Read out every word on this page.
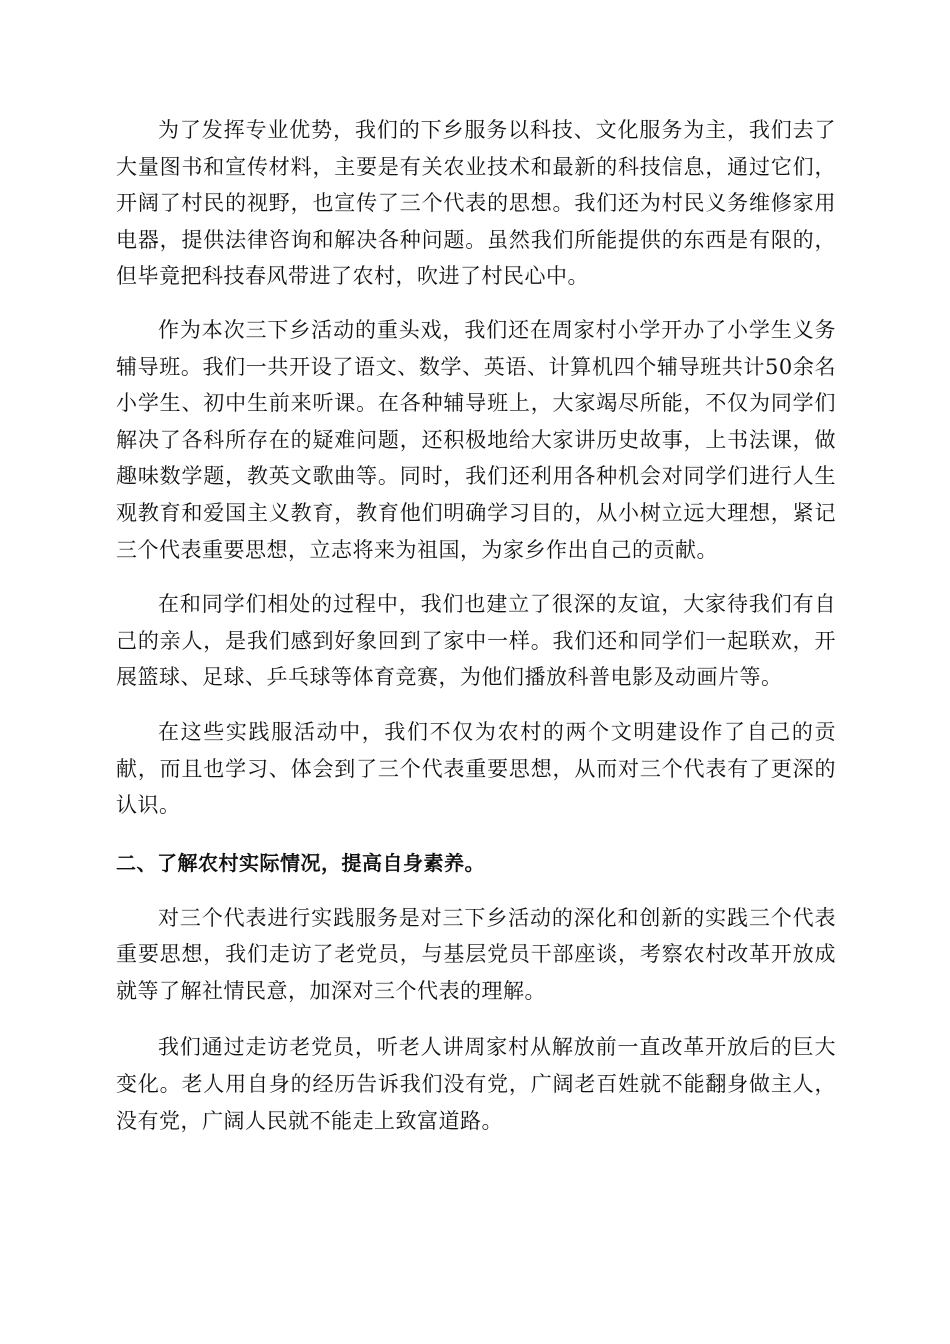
为了发挥专业优势，我们的下乡服务以科技、文化服务为主，我们去了大量图书和宣传材料，主要是有关农业技术和最新的科技信息，通过它们，开阔了村民的视野，也宣传了三个代表的思想。我们还为村民义务维修家用电器，提供法律咨询和解决各种问题。虽然我们所能提供的东西是有限的，但毕竟把科技春风带进了农村，吹进了村民心中。

作为本次三下乡活动的重头戏，我们还在周家村小学开办了小学生义务辅导班。我们一共开设了语文、数学、英语、计算机四个辅导班共计50余名小学生、初中生前来听课。在各种辅导班上，大家竭尽所能，不仅为同学们解决了各科所存在的疑难问题，还积极地给大家讲历史故事，上书法课，做趣味数学题，教英文歌曲等。同时，我们还利用各种机会对同学们进行人生观教育和爱国主义教育，教育他们明确学习目的，从小树立远大理想，紧记三个代表重要思想，立志将来为祖国，为家乡作出自己的贡献。

在和同学们相处的过程中，我们也建立了很深的友谊，大家待我们有自己的亲人，是我们感到好象回到了家中一样。我们还和同学们一起联欢，开展篮球、足球、乒乓球等体育竞赛，为他们播放科普电影及动画片等。

在这些实践服活动中，我们不仅为农村的两个文明建设作了自己的贡献，而且也学习、体会到了三个代表重要思想，从而对三个代表有了更深的认识。

二、了解农村实际情况，提高自身素养。

对三个代表进行实践服务是对三下乡活动的深化和创新的实践三个代表重要思想，我们走访了老党员，与基层党员干部座谈，考察农村改革开放成就等了解社情民意，加深对三个代表的理解。

我们通过走访老党员，听老人讲周家村从解放前一直改革开放后的巨大变化。老人用自身的经历告诉我们没有党，广阔老百姓就不能翻身做主人，没有党，广阔人民就不能走上致富道路。
